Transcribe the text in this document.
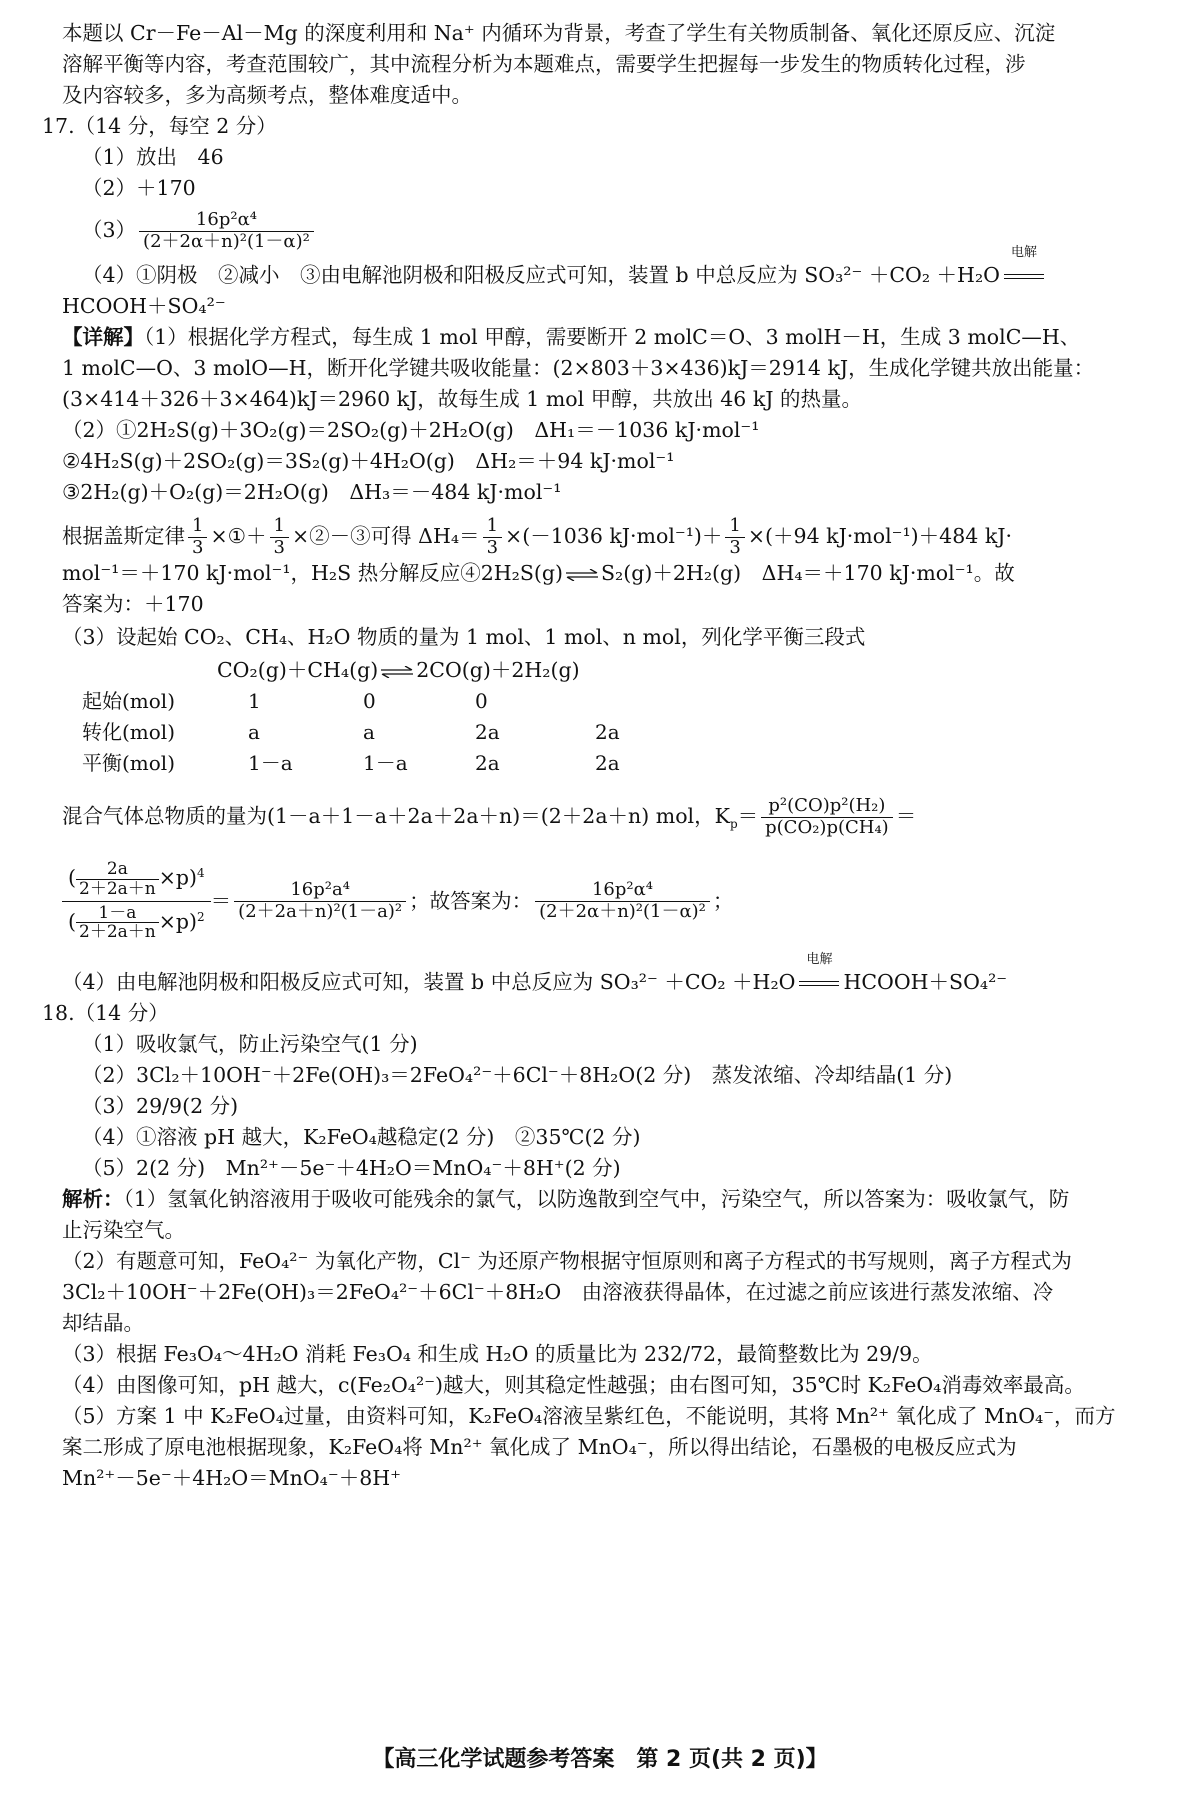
本题以 Cr－Fe－Al－Mg 的深度利用和 Na⁺ 内循环为背景，考查了学生有关物质制备、氧化还原反应、沉淀
溶解平衡等内容，考查范围较广，其中流程分析为本题难点，需要学生把握每一步发生的物质转化过程，涉
及内容较多，多为高频考点，整体难度适中。
17.（14 分，每空 2 分）
（1）放出　46
（2）＋170
$(3) \frac{\text{16p²α⁴}}{\text{(2＋2α＋n)²(1－α)²}}$
（4）①阴极　②减小　③由电解池阴极和阳极反应式可知，装置 b 中总反应为 SO₃²⁻ ＋CO₂ ＋H₂O
电解
HCOOH＋SO₄²⁻
【详解】（1）根据化学方程式，每生成 1 mol 甲醇，需要断开 2 molC＝O、3 molH－H，生成 3 molC—H、
1 molC—O、3 molO—H，断开化学键共吸收能量：(2×803＋3×436)kJ＝2914 kJ，生成化学键共放出能量：
(3×414＋326＋3×464)kJ＝2960 kJ，故每生成 1 mol 甲醇，共放出 46 kJ 的热量。
（2）①2H₂S(g)＋3O₂(g)＝2SO₂(g)＋2H₂O(g)　ΔH₁＝－1036 kJ·mol⁻¹
②4H₂S(g)＋2SO₂(g)＝3S₂(g)＋4H₂O(g)　ΔH₂＝＋94 kJ·mol⁻¹
③2H₂(g)＋O₂(g)＝2H₂O(g)　ΔH₃＝－484 kJ·mol⁻¹
根据盖斯定律 $\frac{1}{3}$ ×①＋ $\frac{1}{3}$ ×②－③可得 $\Delta H_4= \frac{1}{3} \times(-1036$ $kJ\cdot mol^{-1})+ \frac{1}{3} \times(+94$ kJ·mol⁻¹)＋484 kJ·
mol⁻¹＝＋170 kJ·mol⁻¹，H₂S 热分解反应④2H₂S(g) ⇌ S₂(g)＋2H₂(g)　ΔH₄＝＋170 kJ·mol⁻¹。故
答案为：＋170
（3）设起始 CO₂、CH₄、H₂O 物质的量为 1 mol、1 mol、n mol，列化学平衡三段式
CO₂(g)＋CH₄(g) ⇌ 2CO(g)＋2H₂(g)
起始(mol)	1	0	0	
转化(mol)	a	a	2a	2a
平衡(mol)	1－a	1－a	2a	2a
混合气体总物质的量为(1－a＋1－a＋2a＋2a＋n)＝(2＋2a＋n) mol，$K_p= \frac{\text{p²(CO)p²(H₂)}}{\text{p(CO₂)p(CH₄)}}$ ＝
$\frac{( \frac{2a}{2+2a+n} \times p)^4}{( \frac{1-a}{2+2a+n} \times p)^2} = \frac{\text{16p²a⁴}}{\text{(2＋2a＋n)²(1－a)²}}$ ；故答案为： $\frac{\text{16p²α⁴}}{\text{(2＋2α＋n)²(1－α)²}}$ ；
（4）由电解池阴极和阳极反应式可知，装置 b 中总反应为 SO₃²⁻ ＋CO₂ ＋H₂O
电解
HCOOH＋SO₄²⁻
18.（14 分）
（1）吸收氯气，防止污染空气(1 分)
（2）3Cl₂＋10OH⁻＋2Fe(OH)₃＝2FeO₄²⁻＋6Cl⁻＋8H₂O(2 分)　蒸发浓缩、冷却结晶(1 分)
（3）29/9(2 分)
（4）①溶液 pH 越大，K₂FeO₄越稳定(2 分)　②35℃(2 分)
（5）2(2 分)　Mn²⁺－5e⁻＋4H₂O＝MnO₄⁻＋8H⁺(2 分)
解析：（1）氢氧化钠溶液用于吸收可能残余的氯气，以防逸散到空气中，污染空气，所以答案为：吸收氯气，防
止污染空气。
（2）有题意可知，FeO₄²⁻ 为氧化产物，Cl⁻ 为还原产物根据守恒原则和离子方程式的书写规则，离子方程式为
3Cl₂＋10OH⁻＋2Fe(OH)₃＝2FeO₄²⁻＋6Cl⁻＋8H₂O　由溶液获得晶体，在过滤之前应该进行蒸发浓缩、冷
却结晶。
（3）根据 Fe₃O₄～4H₂O 消耗 Fe₃O₄ 和生成 H₂O 的质量比为 232/72，最简整数比为 29/9。
（4）由图像可知，pH 越大，c(Fe₂O₄²⁻)越大，则其稳定性越强；由右图可知，35℃时 K₂FeO₄消毒效率最高。
（5）方案 1 中 K₂FeO₄过量，由资料可知，K₂FeO₄溶液呈紫红色，不能说明，其将 Mn²⁺ 氧化成了 MnO₄⁻，而方
案二形成了原电池根据现象，K₂FeO₄将 Mn²⁺ 氧化成了 MnO₄⁻，所以得出结论，石墨极的电极反应式为
Mn²⁺－5e⁻＋4H₂O＝MnO₄⁻＋8H⁺
【高三化学试题参考答案　第 2 页(共 2 页)】
